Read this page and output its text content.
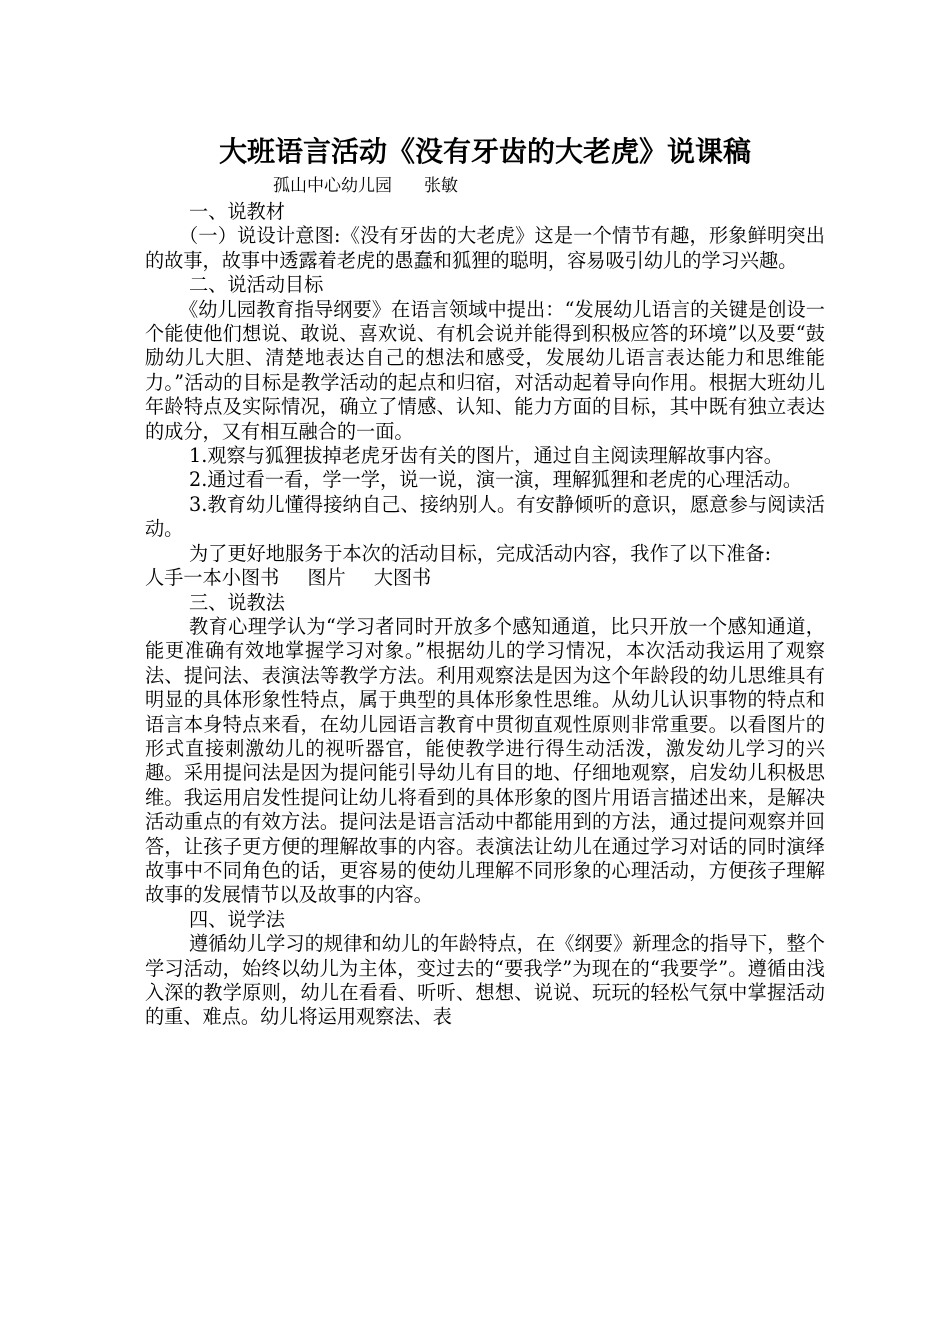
大班语言活动《没有牙齿的大老虎》说课稿
孤山中心幼儿园 张敏

一、说教材

（一）说设计意图:《没有牙齿的大老虎》这是一个情节有趣，形象鲜明突出的故事，故事中透露着老虎的愚蠢和狐狸的聪明，容易吸引幼儿的学习兴趣。

二、说活动目标

《幼儿园教育指导纲要》在语言领域中提出：“发展幼儿语言的关键是创设一个能使他们想说、敢说、喜欢说、有机会说并能得到积极应答的环境”以及要“鼓励幼儿大胆、清楚地表达自己的想法和感受，发展幼儿语言表达能力和思维能力。”活动的目标是教学活动的起点和归宿，对活动起着导向作用。根据大班幼儿年龄特点及实际情况，确立了情感、认知、能力方面的目标，其中既有独立表达的成分，又有相互融合的一面。

1.观察与狐狸拔掉老虎牙齿有关的图片，通过自主阅读理解故事内容。

2.通过看一看，学一学，说一说，演一演，理解狐狸和老虎的心理活动。

3.教育幼儿懂得接纳自己、接纳别人。有安静倾听的意识，愿意参与阅读活动。

为了更好地服务于本次的活动目标，完成活动内容，我作了以下准备:

人手一本小图书 图片 大图书

三、说教法

教育心理学认为“学习者同时开放多个感知通道，比只开放一个感知通道，能更准确有效地掌握学习对象。”根据幼儿的学习情况，本次活动我运用了观察法、提问法、表演法等教学方法。利用观察法是因为这个年龄段的幼儿思维具有明显的具体形象性特点，属于典型的具体形象性思维。从幼儿认识事物的特点和语言本身特点来看，在幼儿园语言教育中贯彻直观性原则非常重要。以看图片的形式直接刺激幼儿的视听器官，能使教学进行得生动活泼，激发幼儿学习的兴趣。采用提问法是因为提问能引导幼儿有目的地、仔细地观察，启发幼儿积极思维。我运用启发性提问让幼儿将看到的具体形象的图片用语言描述出来，是解决活动重点的有效方法。提问法是语言活动中都能用到的方法，通过提问观察并回答，让孩子更方便的理解故事的内容。表演法让幼儿在通过学习对话的同时演绎故事中不同角色的话，更容易的使幼儿理解不同形象的心理活动，方便孩子理解故事的发展情节以及故事的内容。

四、说学法

遵循幼儿学习的规律和幼儿的年龄特点，在《纲要》新理念的指导下，整个学习活动，始终以幼儿为主体，变过去的“要我学”为现在的“我要学”。遵循由浅入深的教学原则，幼儿在看看、听听、想想、说说、玩玩的轻松气氛中掌握活动的重、难点。幼儿将运用观察法、表
